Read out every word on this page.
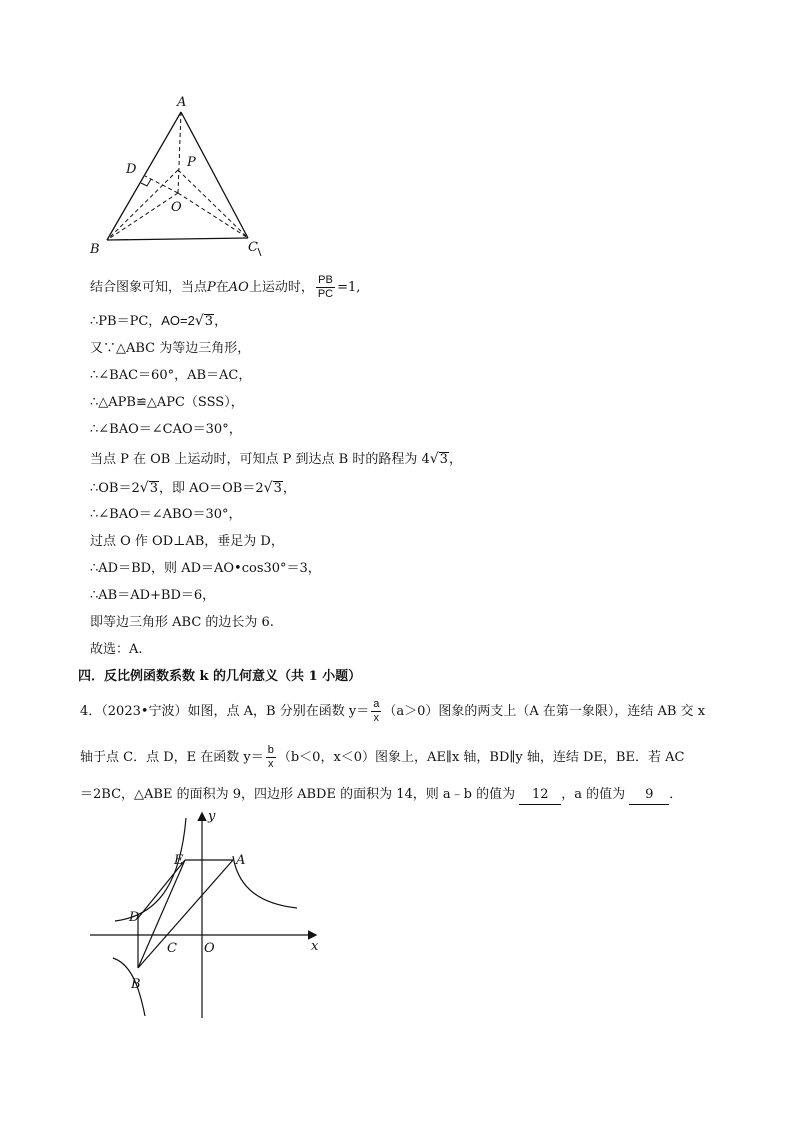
A
P
D
O
B	C
结合图象可知，当点P在AO上运动时， $\frac{PB}{PC} =1$,
∴PB＝PC，AO=2√3，
又∵△ABC 为等边三角形，
∴∠BAC＝60°，AB＝AC，
∴△APB≌△APC（SSS），
∴∠BAO＝∠CAO＝30°，
当点 P 在 OB 上运动时，可知点 P 到达点 B 时的路程为 4√3，
∴OB＝2√3，即 AO＝OB＝2√3，
∴∠BAO＝∠ABO＝30°，
过点 O 作 OD⊥AB，垂足为 D，
∴AD＝BD，则 AD＝AO•cos30°＝3，
∴AB＝AD+BD＝6，
即等边三角形 ABC 的边长为 6.
故选：A.
四．反比例函数系数 k 的几何意义（共 1 小题）
4．（2023•宁波）如图，点 A，B 分别在函数 $y= \frac{a}{x} (a>0)$图象的两支上（A 在第一象限），连结 AB 交 x
轴于点 C．点 D，E 在函数 $y= \frac{b}{x} (b<0$，x＜0）图象上，AE∥x 轴，BD∥y 轴，连结 DE，BE．若 AC
＝2BC，△ABE 的面积为 9，四边形 ABDE 的面积为 14，则 a﹣b 的值为 12 ，a 的值为 9 ．
y
x
E	A
D
C O
B
